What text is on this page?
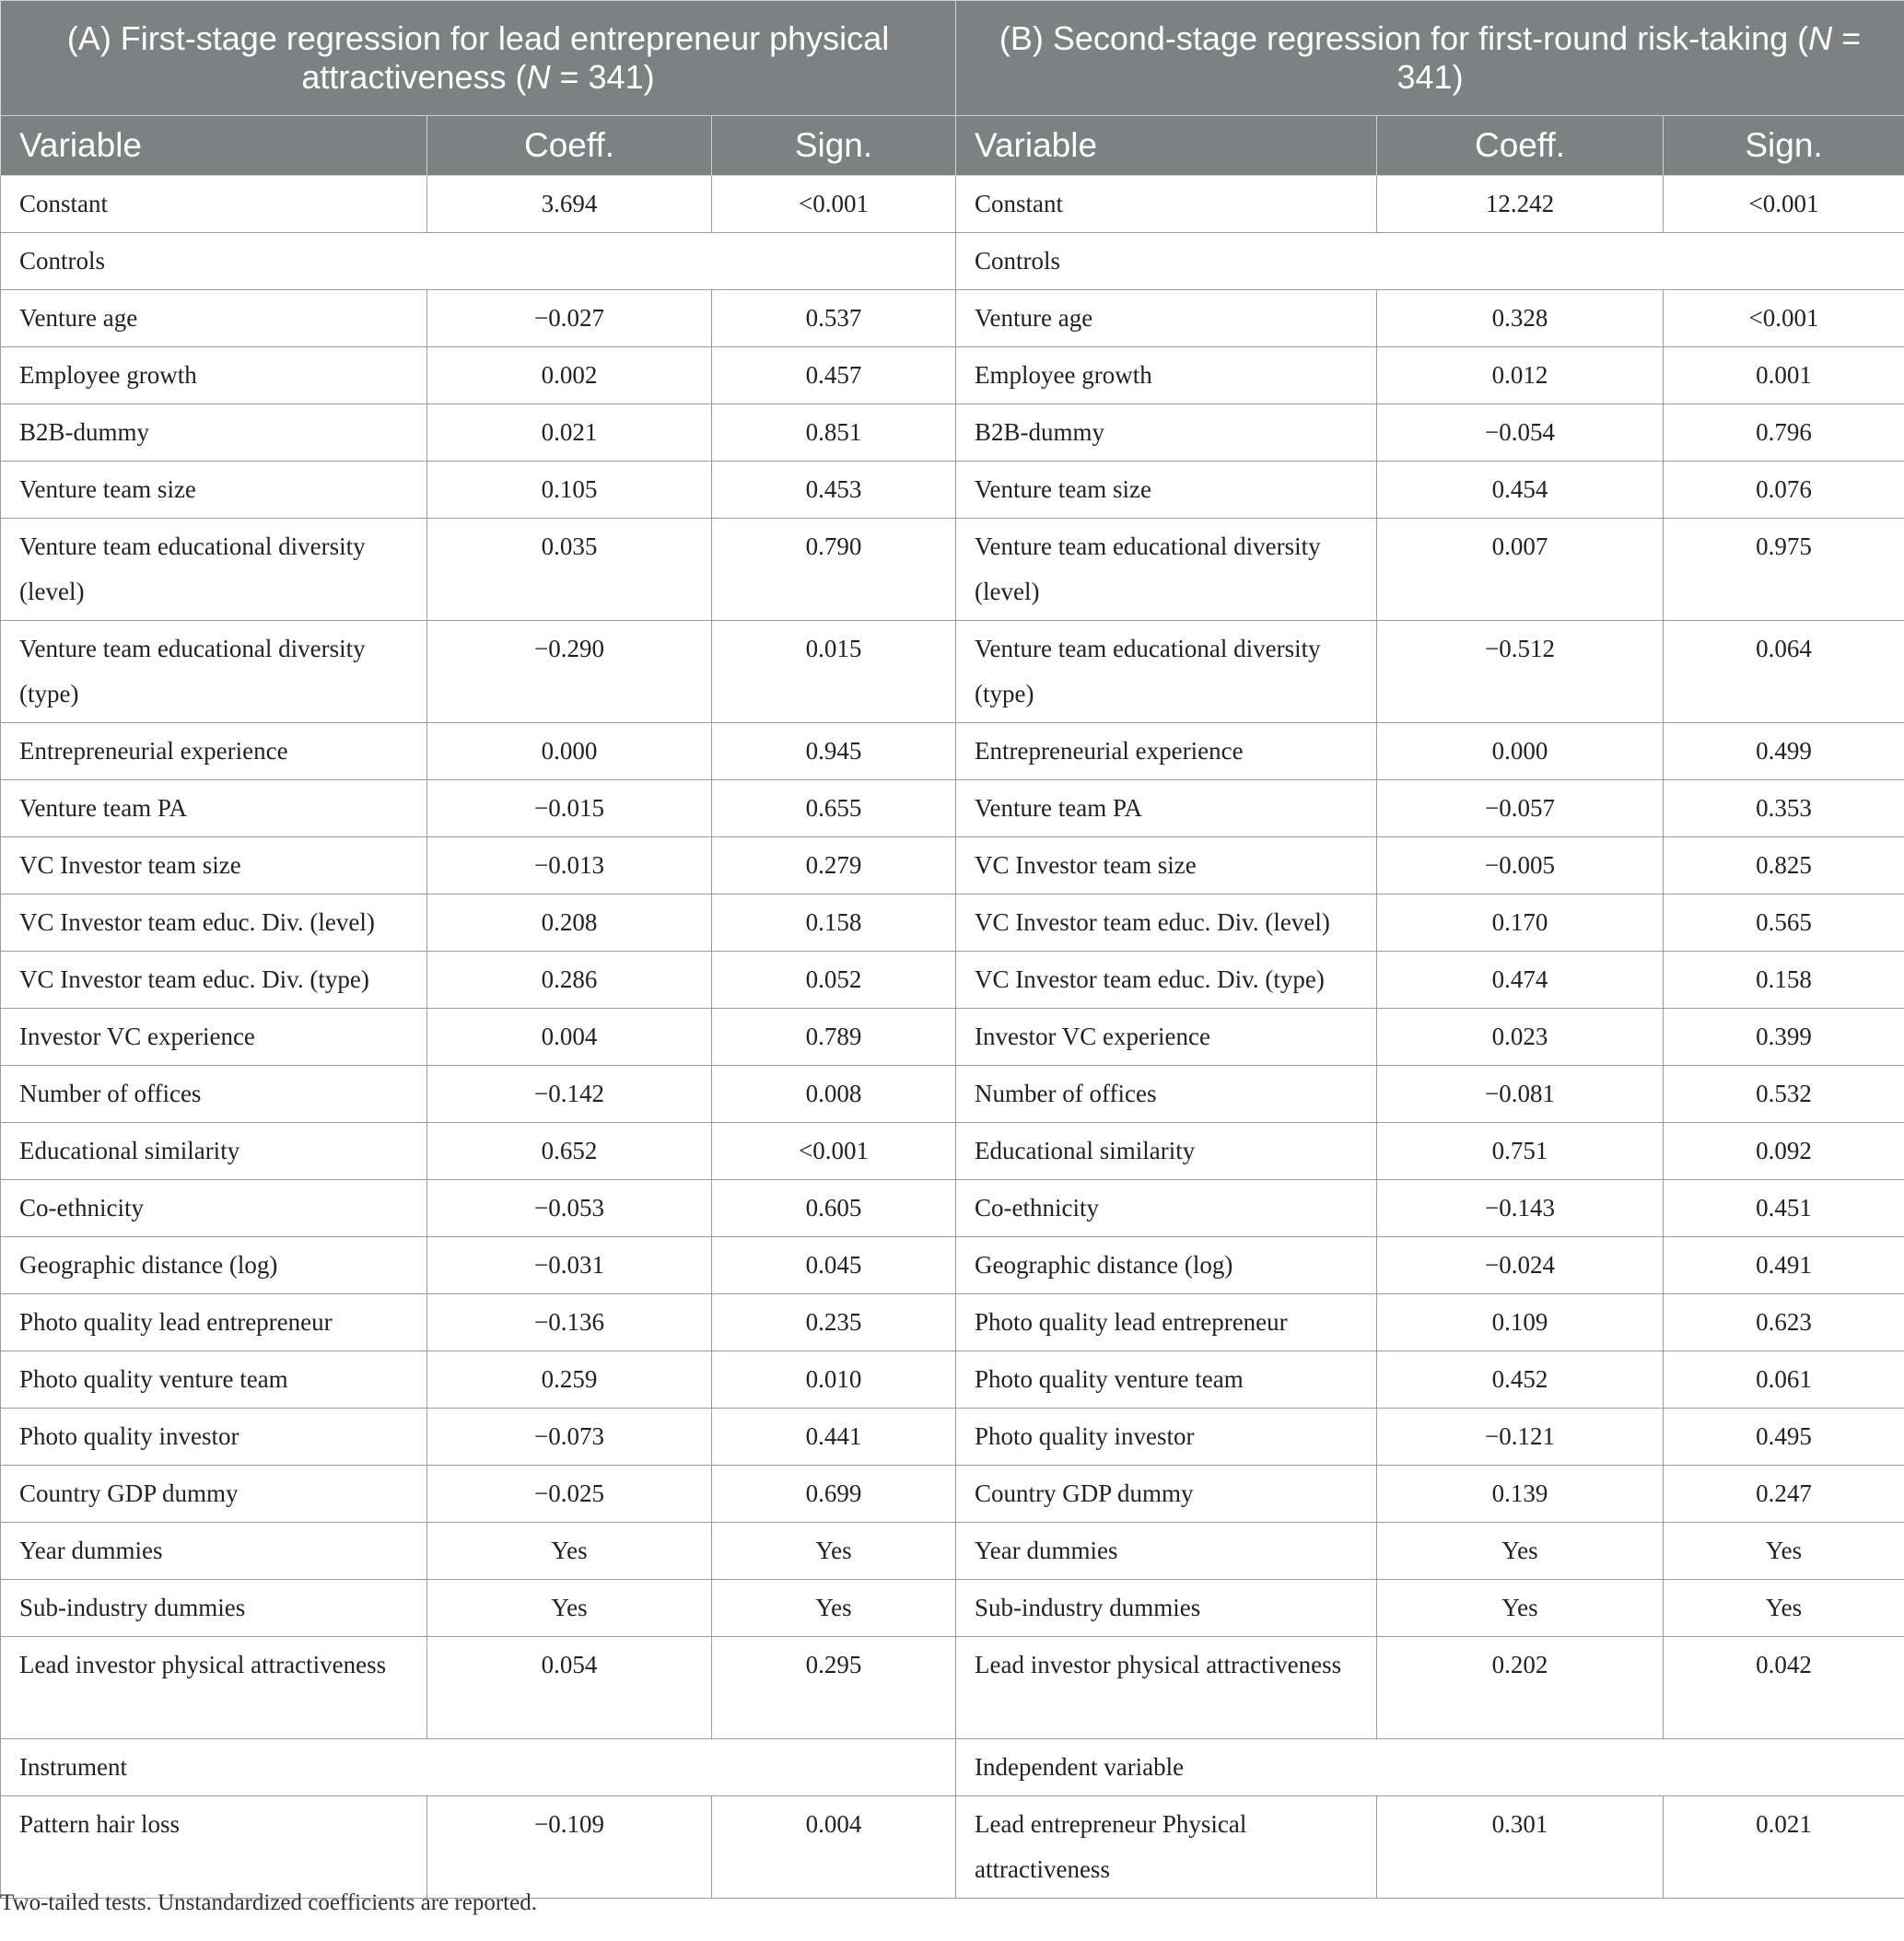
(A) First-stage regression for lead entrepreneur physical attractiveness (N = 341)			(B) Second-stage regression for first-round risk-taking (N = 341)		
Variable	Coeff.	Sign.	Variable	Coeff.	Sign.
Constant	3.694	<0.001	Constant	12.242	<0.001
Controls			Controls		
Venture age	−0.027	0.537	Venture age	0.328	<0.001
Employee growth	0.002	0.457	Employee growth	0.012	0.001
B2B-dummy	0.021	0.851	B2B-dummy	−0.054	0.796
Venture team size	0.105	0.453	Venture team size	0.454	0.076
Venture team educational diversity (level)	0.035	0.790	Venture team educational diversity (level)	0.007	0.975
Venture team educational diversity (type)	−0.290	0.015	Venture team educational diversity (type)	−0.512	0.064
Entrepreneurial experience	0.000	0.945	Entrepreneurial experience	0.000	0.499
Venture team PA	−0.015	0.655	Venture team PA	−0.057	0.353
VC Investor team size	−0.013	0.279	VC Investor team size	−0.005	0.825
VC Investor team educ. Div. (level)	0.208	0.158	VC Investor team educ. Div. (level)	0.170	0.565
VC Investor team educ. Div. (type)	0.286	0.052	VC Investor team educ. Div. (type)	0.474	0.158
Investor VC experience	0.004	0.789	Investor VC experience	0.023	0.399
Number of offices	−0.142	0.008	Number of offices	−0.081	0.532
Educational similarity	0.652	<0.001	Educational similarity	0.751	0.092
Co-ethnicity	−0.053	0.605	Co-ethnicity	−0.143	0.451
Geographic distance (log)	−0.031	0.045	Geographic distance (log)	−0.024	0.491
Photo quality lead entrepreneur	−0.136	0.235	Photo quality lead entrepreneur	0.109	0.623
Photo quality venture team	0.259	0.010	Photo quality venture team	0.452	0.061
Photo quality investor	−0.073	0.441	Photo quality investor	−0.121	0.495
Country GDP dummy	−0.025	0.699	Country GDP dummy	0.139	0.247
Year dummies	Yes	Yes	Year dummies	Yes	Yes
Sub-industry dummies	Yes	Yes	Sub-industry dummies	Yes	Yes
Lead investor physical attractiveness	0.054	0.295	Lead investor physical attractiveness	0.202	0.042
Instrument			Independent variable		
Pattern hair loss	−0.109	0.004	Lead entrepreneur Physical attractiveness	0.301	0.021
Two-tailed tests. Unstandardized coefficients are reported.
